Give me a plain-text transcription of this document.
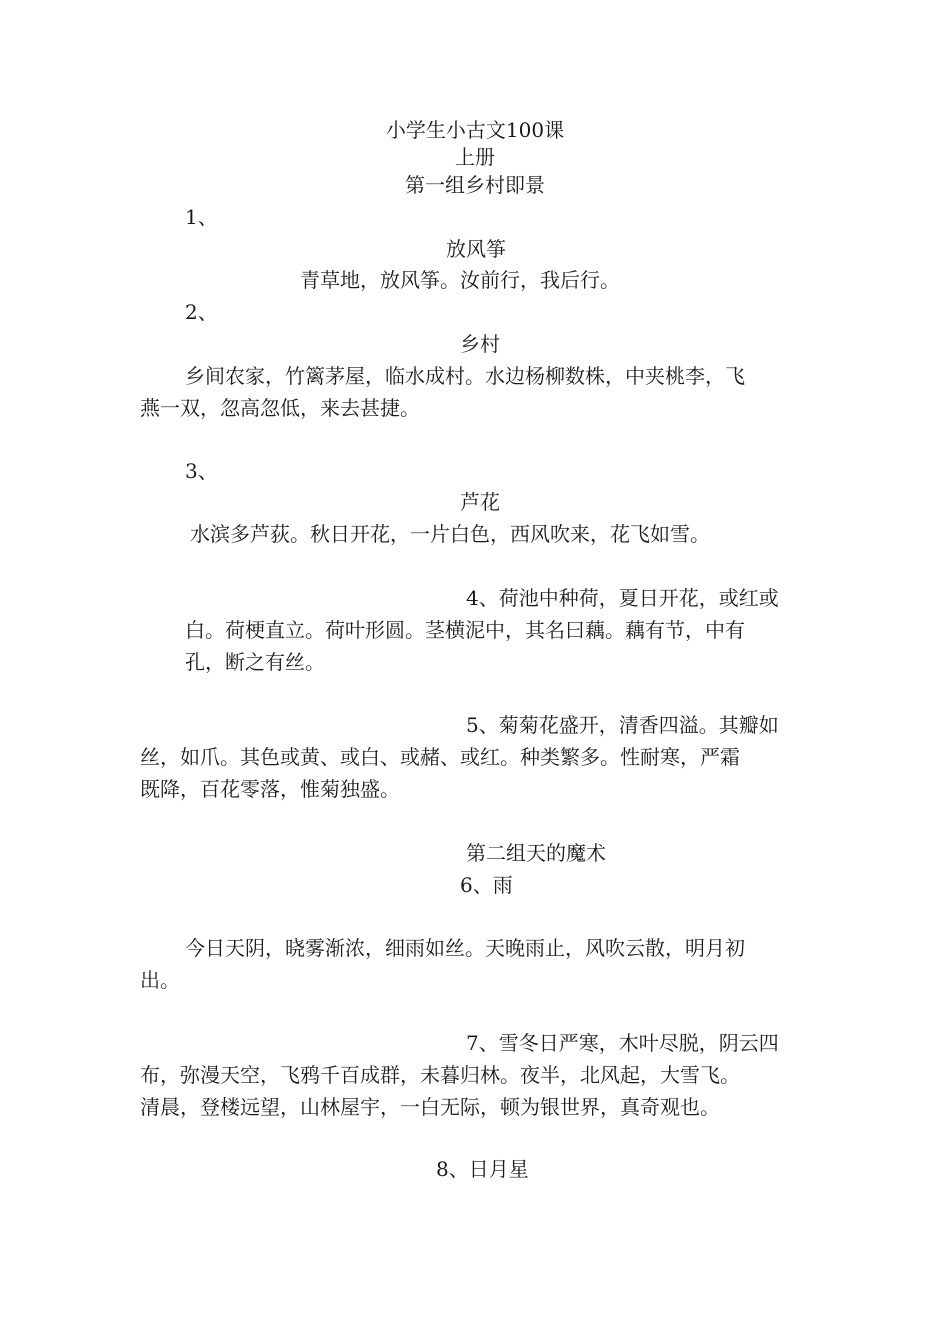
小学生小古文100课
上册
第一组乡村即景
1、
放风筝
青草地，放风筝。汝前行，我后行。
2、
乡村
乡间农家，竹篱茅屋，临水成村。水边杨柳数株，中夹桃李，飞
燕一双，忽高忽低，来去甚捷。
3、
芦花
水滨多芦荻。秋日开花，一片白色，西风吹来，花飞如雪。
4、荷池中种荷，夏日开花，或红或
白。荷梗直立。荷叶形圆。茎横泥中，其名曰藕。藕有节，中有
孔，断之有丝。
5、菊菊花盛开，清香四溢。其瓣如
丝，如爪。其色或黄、或白、或赭、或红。种类繁多。性耐寒，严霜
既降，百花零落，惟菊独盛。
第二组天的魔术
6、雨
今日天阴，晓雾渐浓，细雨如丝。天晚雨止，风吹云散，明月初
出。
7、雪冬日严寒，木叶尽脱，阴云四
布，弥漫天空，飞鸦千百成群，未暮归林。夜半，北风起，大雪飞。
清晨，登楼远望，山林屋宇，一白无际，顿为银世界，真奇观也。
8、日月星
